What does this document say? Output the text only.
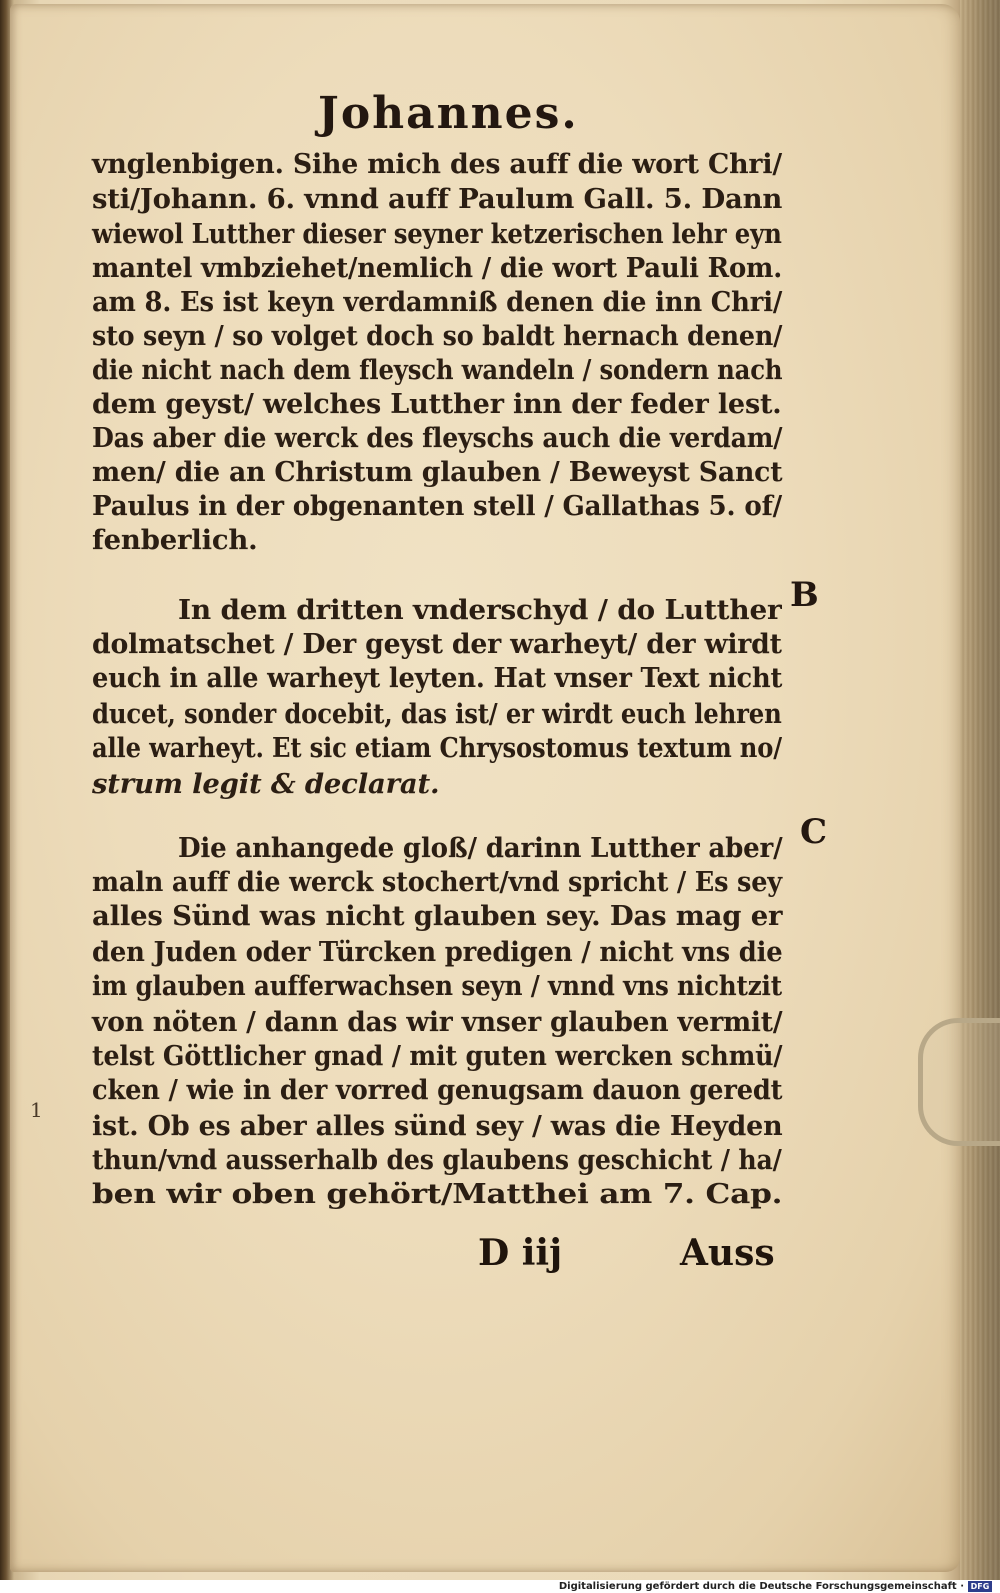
Johannes.
vnglenbigen. Sihe mich des auff die wort Chri/
sti/Johann. 6. vnnd auff Paulum Gall. 5. Dann
wiewol Lutther dieser seyner ketzerischen lehr eyn
mantel vmbziehet/nemlich / die wort Pauli Rom.
am 8. Es ist keyn verdamniß denen die inn Chri/
sto seyn / so volget doch so baldt hernach denen/
die nicht nach dem fleysch wandeln / sondern nach
dem geyst/ welches Lutther inn der feder lest.
Das aber die werck des fleyschs auch die verdam/
men/ die an Christum glauben / Beweyst Sanct
Paulus in der obgenanten stell / Gallathas 5. of/
fenberlich.
In dem dritten vnderschyd / do Lutther
dolmatschet / Der geyst der warheyt/ der wirdt
euch in alle warheyt leyten. Hat vnser Text nicht
ducet, sonder docebit, das ist/ er wirdt euch lehren
alle warheyt. Et sic etiam Chrysostomus textum no/
strum legit & declarat.
Die anhangede gloß/ darinn Lutther aber/
maln auff die werck stochert/vnd spricht / Es sey
alles Sünd was nicht glauben sey. Das mag er
den Juden oder Türcken predigen / nicht vns die
im glauben aufferwachsen seyn / vnnd vns nichtzit
von nöten / dann das wir vnser glauben vermit/
telst Göttlicher gnad / mit guten wercken schmü/
cken / wie in der vorred genugsam dauon geredt
ist. Ob es aber alles sünd sey / was die Heyden
thun/vnd ausserhalb des glaubens geschicht / ha/
ben wir oben gehört/Matthei am 7. Cap.
B
C
D iij	Auss
1
Digitalisierung gefördert durch die Deutsche Forschungsgemeinschaft · DFG
